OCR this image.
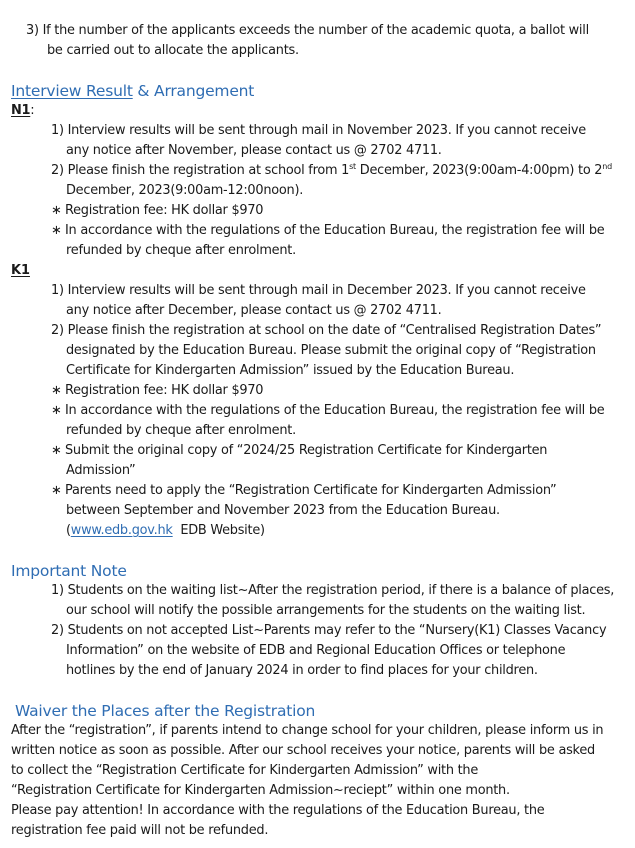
3) If the number of the applicants exceeds the number of the academic quota, a ballot will
be carried out to allocate the applicants.
Interview Result & Arrangement
N1:
1) Interview results will be sent through mail in November 2023. If you cannot receive
any notice after November, please contact us @ 2702 4711.
2) Please finish the registration at school from 1st December, 2023(9:00am-4:00pm) to 2nd
December, 2023(9:00am-12:00noon).
∗ Registration fee: HK dollar $970
∗ In accordance with the regulations of the Education Bureau, the registration fee will be
refunded by cheque after enrolment.
K1
1) Interview results will be sent through mail in December 2023. If you cannot receive
any notice after December, please contact us @ 2702 4711.
2) Please finish the registration at school on the date of “Centralised Registration Dates”
designated by the Education Bureau. Please submit the original copy of “Registration
Certificate for Kindergarten Admission” issued by the Education Bureau.
∗ Registration fee: HK dollar $970
∗ In accordance with the regulations of the Education Bureau, the registration fee will be
refunded by cheque after enrolment.
∗ Submit the original copy of “2024/25 Registration Certificate for Kindergarten
Admission”
∗ Parents need to apply the “Registration Certificate for Kindergarten Admission”
between September and November 2023 from the Education Bureau.
(www.edb.gov.hk  EDB Website)
Important Note
1) Students on the waiting list~After the registration period, if there is a balance of places,
our school will notify the possible arrangements for the students on the waiting list.
2) Students on not accepted List~Parents may refer to the “Nursery(K1) Classes Vacancy
Information” on the website of EDB and Regional Education Offices or telephone
hotlines by the end of January 2024 in order to find places for your children.
Waiver the Places after the Registration
After the “registration”, if parents intend to change school for your children, please inform us in
written notice as soon as possible. After our school receives your notice, parents will be asked
to collect the “Registration Certificate for Kindergarten Admission” with the
“Registration Certificate for Kindergarten Admission~reciept” within one month.
Please pay attention! In accordance with the regulations of the Education Bureau, the
registration fee paid will not be refunded.
